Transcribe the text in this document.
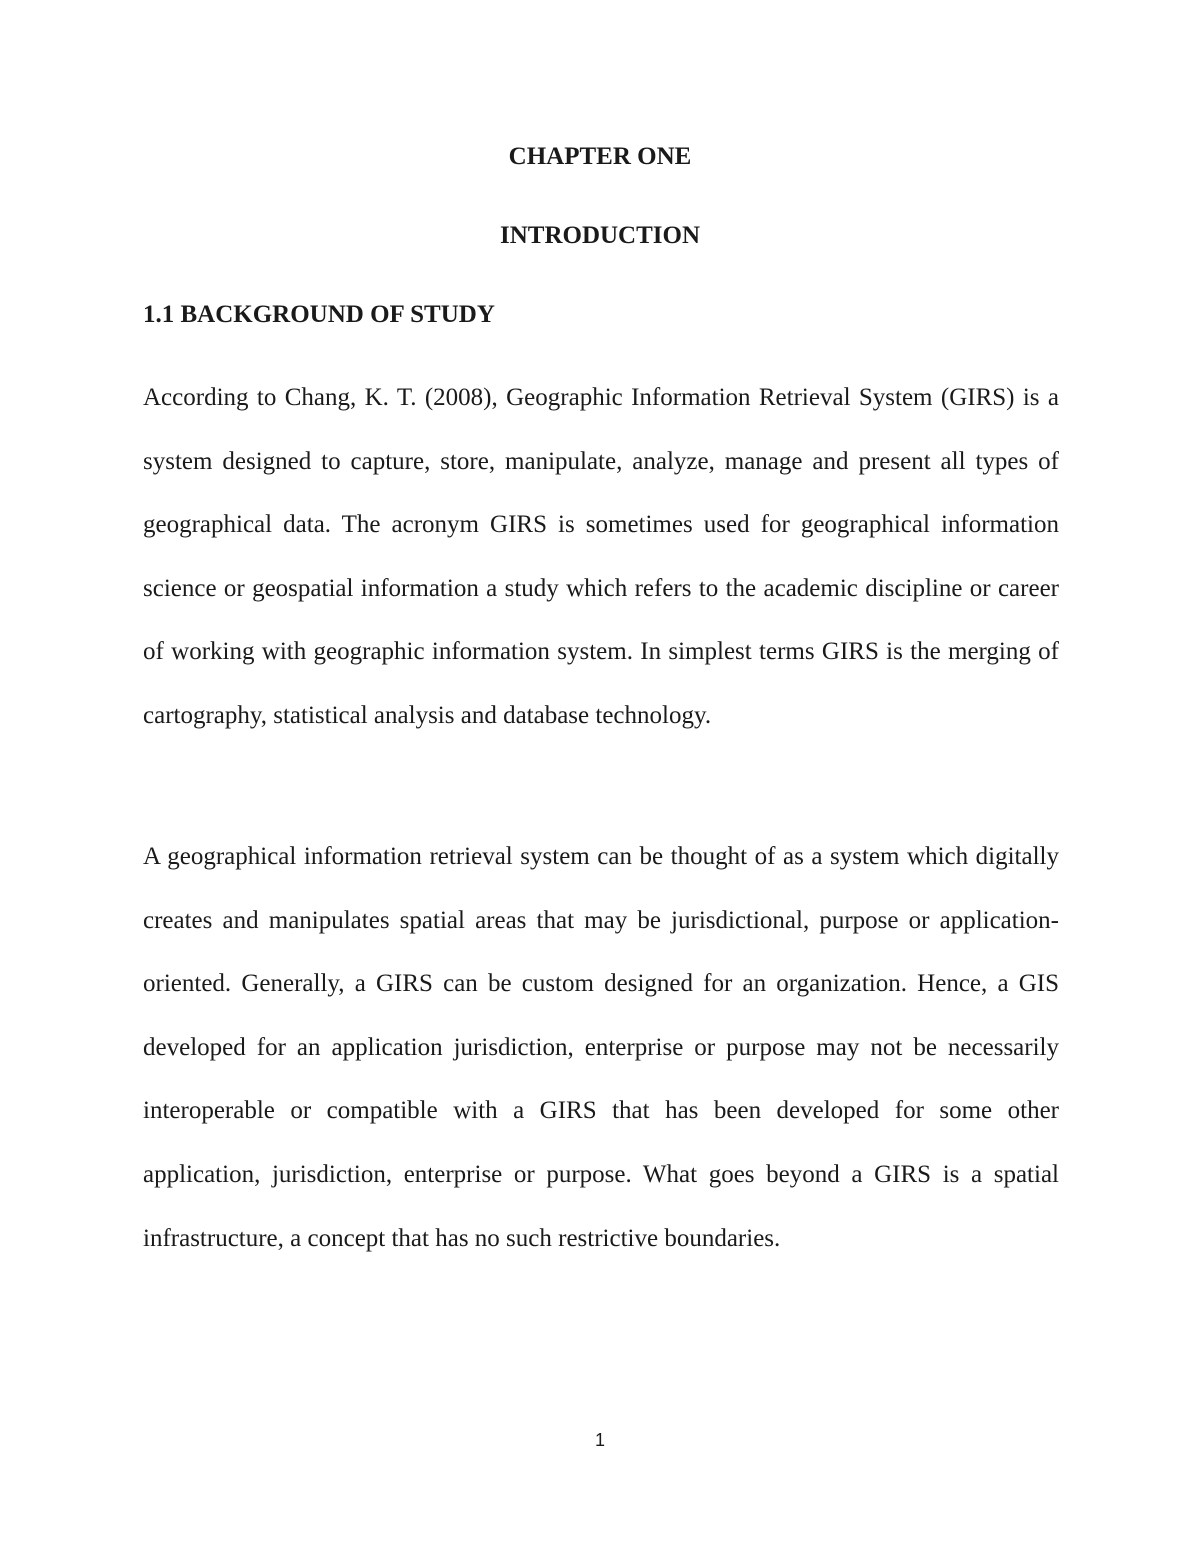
CHAPTER ONE
INTRODUCTION
1.1 BACKGROUND OF STUDY

According to Chang, K. T. (2008), Geographic Information Retrieval System (GIRS) is a system designed to capture, store, manipulate, analyze, manage and present all types of geographical data. The acronym GIRS is sometimes used for geographical information science or geospatial information a study which refers to the academic discipline or career of working with geographic information system. In simplest terms GIRS is the merging of cartography, statistical analysis and database technology.

A geographical information retrieval system can be thought of as a system which digitally creates and manipulates spatial areas that may be jurisdictional, purpose or application- oriented. Generally, a GIRS can be custom designed for an organization. Hence, a GIS developed for an application jurisdiction, enterprise or purpose may not be necessarily interoperable or compatible with a GIRS that has been developed for some other application, jurisdiction, enterprise or purpose. What goes beyond a GIRS is a spatial infrastructure, a concept that has no such restrictive boundaries.

1
